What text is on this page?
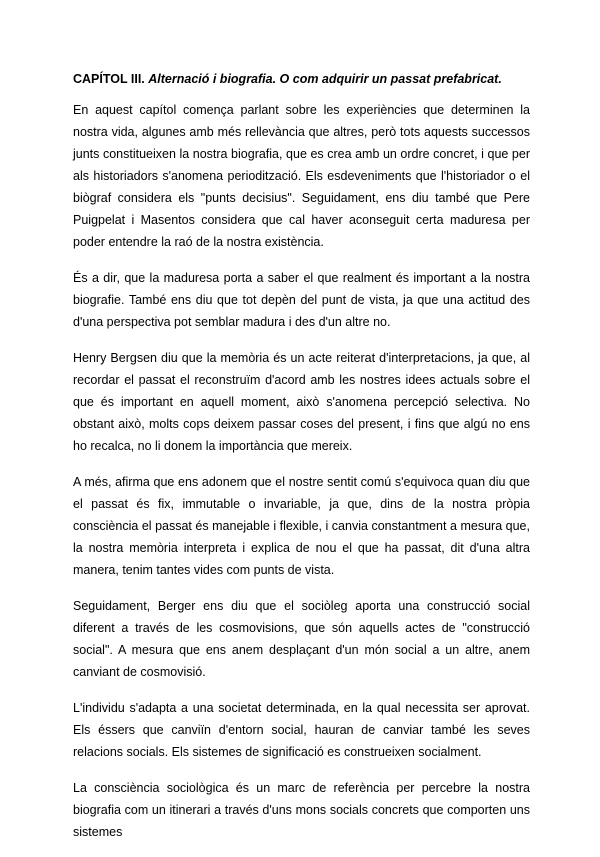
CAPÍTOL III. Alternació i biografia. O com adquirir un passat prefabricat.

En aquest capítol comença parlant sobre les experiències que determinen la nostra vida, algunes amb més rellevància que altres, però tots aquests successos junts constitueixen la nostra biografia, que es crea amb un ordre concret, i que per als historiadors s'anomena periodització. Els esdeveniments que l'historiador o el biògraf considera els "punts decisius". Seguidament, ens diu també que Pere Puigpelat i Masentos considera que cal haver aconseguit certa maduresa per poder entendre la raó de la nostra existència.

És a dir, que la maduresa porta a saber el que realment és important a la nostra biografie. També ens diu que tot depèn del punt de vista, ja que una actitud des d'una perspectiva pot semblar madura i des d'un altre no.

Henry Bergsen diu que la memòria és un acte reiterat d'interpretacions, ja que, al recordar el passat el reconstruïm d'acord amb les nostres idees actuals sobre el que és important en aquell moment, això s'anomena percepció selectiva. No obstant això, molts cops deixem passar coses del present, i fins que algú no ens ho recalca, no li donem la importància que mereix.

A més, afirma que ens adonem que el nostre sentit comú s'equivoca quan diu que el passat és fix, immutable o invariable, ja que, dins de la nostra pròpia consciència el passat és manejable i flexible, i canvia constantment a mesura que, la nostra memòria interpreta i explica de nou el que ha passat, dit d'una altra manera, tenim tantes vides com punts de vista.

Seguidament, Berger ens diu que el sociòleg aporta una construcció social diferent a través de les cosmovisions, que són aquells actes de "construcció social". A mesura que ens anem desplaçant d'un món social a un altre, anem canviant de cosmovisió.

L'individu s'adapta a una societat determinada, en la qual necessita ser aprovat. Els éssers que canviïn d'entorn social, hauran de canviar també les seves relacions socials. Els sistemes de significació es construeixen socialment.

La consciència sociològica és un marc de referència per percebre la nostra biografia com un itinerari a través d'uns mons socials concrets que comporten uns sistemes
